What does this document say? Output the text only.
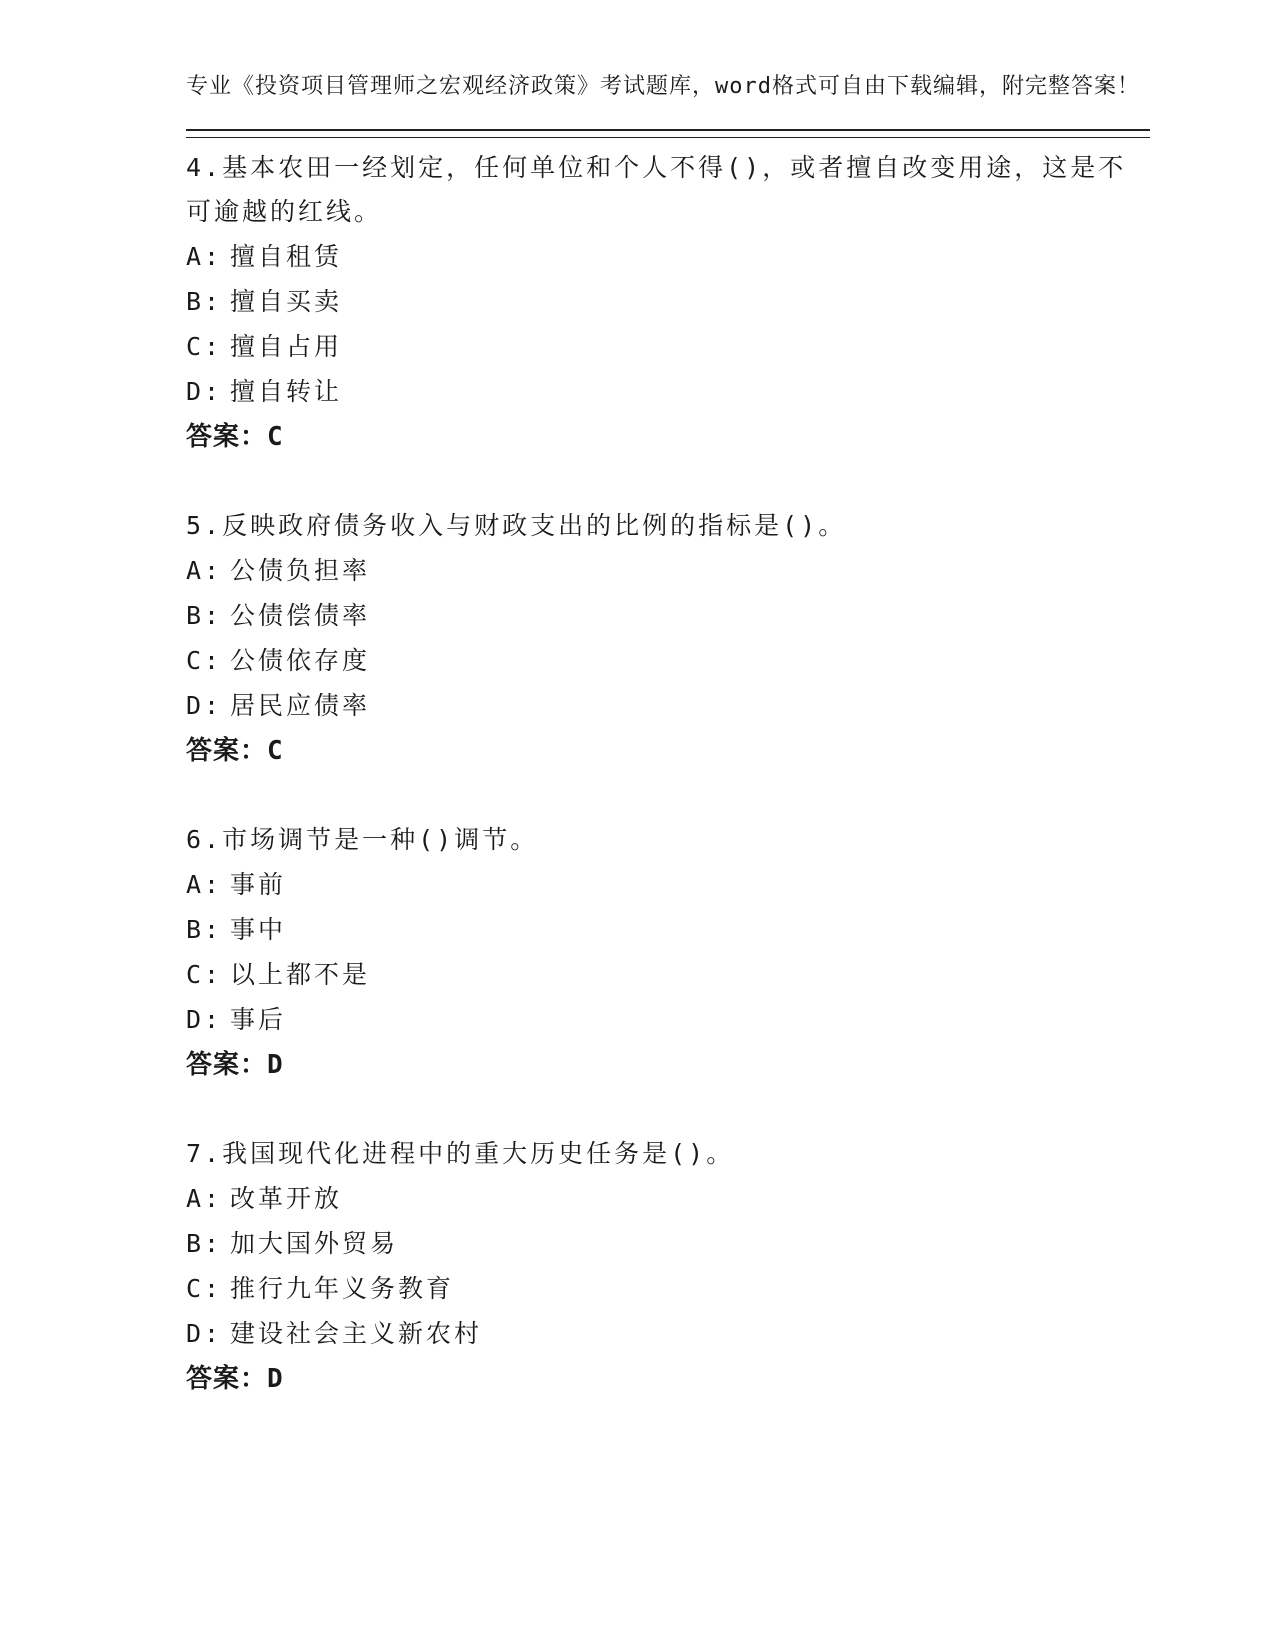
专业《投资项目管理师之宏观经济政策》考试题库，word格式可自由下载编辑，附完整答案！

4.基本农田一经划定，任何单位和个人不得()，或者擅自改变用途，这是不可逾越的红线。

A: 擅自租赁

B: 擅自买卖

C: 擅自占用

D: 擅自转让

答案：C

5.反映政府债务收入与财政支出的比例的指标是()。

A: 公债负担率

B: 公债偿债率

C: 公债依存度

D: 居民应债率

答案：C

6.市场调节是一种()调节。

A: 事前

B: 事中

C: 以上都不是

D: 事后

答案：D

7.我国现代化进程中的重大历史任务是()。

A: 改革开放

B: 加大国外贸易

C: 推行九年义务教育

D: 建设社会主义新农村

答案：D
